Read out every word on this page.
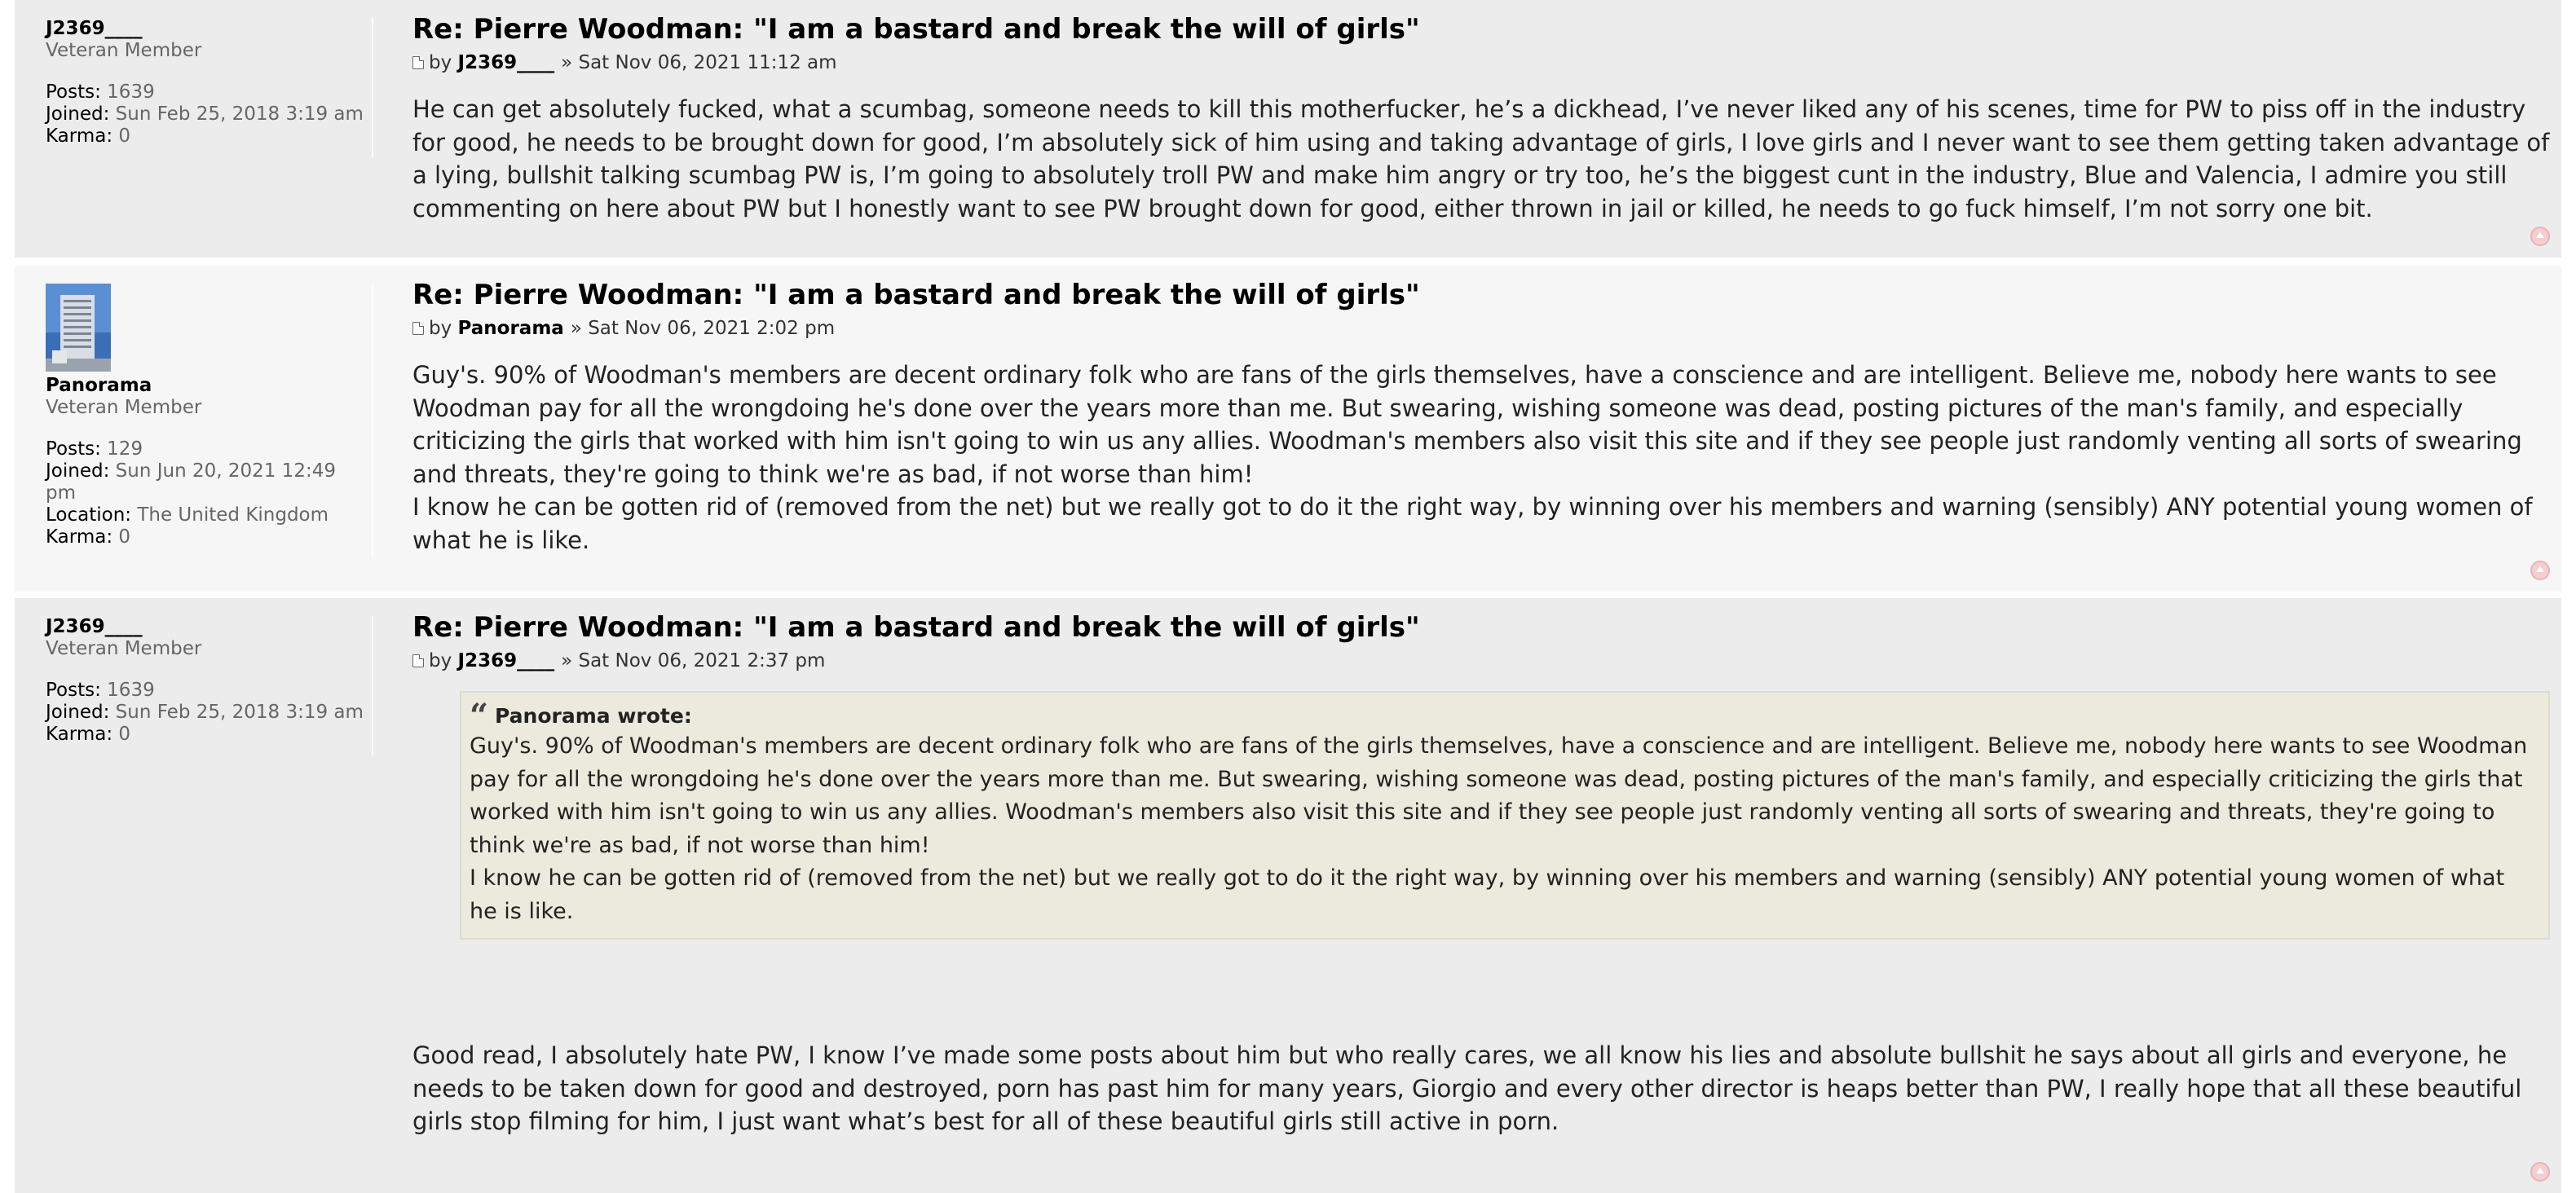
J2369____
Veteran Member
Posts: 1639
Joined: Sun Feb 25, 2018 3:19 am
Karma: 0
Re: Pierre Woodman: "I am a bastard and break the will of girls"
by
J2369____ » Sat Nov 06, 2021 11:12 am

He can get absolutely fucked, what a scumbag, someone needs to kill this motherfucker, he’s a dickhead, I’ve never liked any of his scenes, time for PW to piss off in the industry for good, he needs to be brought down for good, I’m absolutely sick of him using and taking advantage of girls, I love girls and I never want to see them getting taken advantage of a lying, bullshit talking scumbag PW is, I’m going to absolutely troll PW and make him angry or try too, he’s the biggest cunt in the industry, Blue and Valencia, I admire you still commenting on here about PW but I honestly want to see PW brought down for good, either thrown in jail or killed, he needs to go fuck himself, I’m not sorry one bit.

Panorama
Veteran Member
Posts: 129
Joined: Sun Jun 20, 2021 12:49 pm
Location: The United Kingdom
Karma: 0
Re: Pierre Woodman: "I am a bastard and break the will of girls"
by
Panorama » Sat Nov 06, 2021 2:02 pm

Guy's. 90% of Woodman's members are decent ordinary folk who are fans of the girls themselves, have a conscience and are intelligent. Believe me, nobody here wants to see Woodman pay for all the wrongdoing he's done over the years more than me. But swearing, wishing someone was dead, posting pictures of the man's family, and especially criticizing the girls that worked with him isn't going to win us any allies. Woodman's members also visit this site and if they see people just randomly venting all sorts of swearing and threats, they're going to think we're as bad, if not worse than him!

I know he can be gotten rid of (removed from the net) but we really got to do it the right way, by winning over his members and warning (sensibly) ANY potential young women of what he is like.

J2369____
Veteran Member
Posts: 1639
Joined: Sun Feb 25, 2018 3:19 am
Karma: 0
Re: Pierre Woodman: "I am a bastard and break the will of girls"
by
J2369____ » Sat Nov 06, 2021 2:37 pm
“ Panorama wrote:

Guy's. 90% of Woodman's members are decent ordinary folk who are fans of the girls themselves, have a conscience and are intelligent. Believe me, nobody here wants to see Woodman pay for all the wrongdoing he's done over the years more than me. But swearing, wishing someone was dead, posting pictures of the man's family, and especially criticizing the girls that worked with him isn't going to win us any allies. Woodman's members also visit this site and if they see people just randomly venting all sorts of swearing and threats, they're going to think we're as bad, if not worse than him!

I know he can be gotten rid of (removed from the net) but we really got to do it the right way, by winning over his members and warning (sensibly) ANY potential young women of what he is like.

Good read, I absolutely hate PW, I know I’ve made some posts about him but who really cares, we all know his lies and absolute bullshit he says about all girls and everyone, he needs to be taken down for good and destroyed, porn has past him for many years, Giorgio and every other director is heaps better than PW, I really hope that all these beautiful girls stop filming for him, I just want what’s best for all of these beautiful girls still active in porn.
